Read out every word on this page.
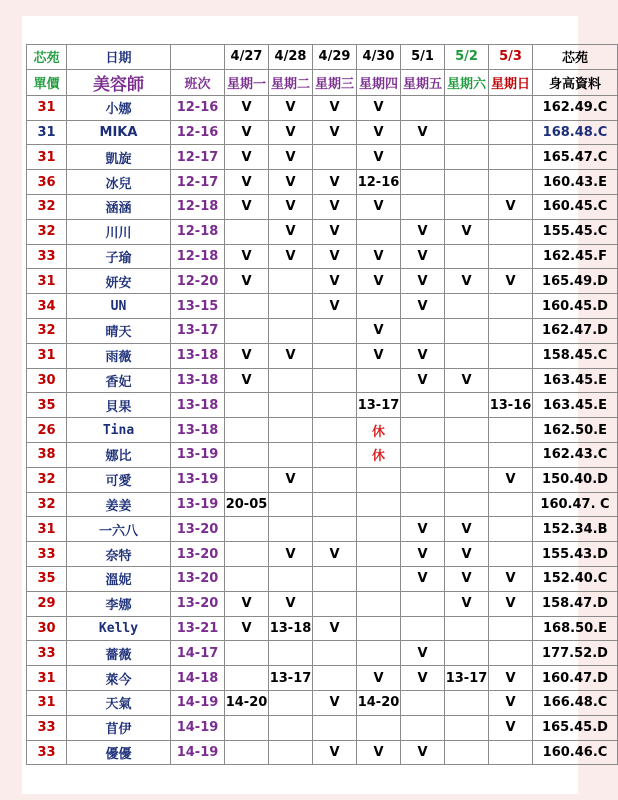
芯苑	日期		4/27	4/28	4/29	4/30	5/1	5/2	5/3	芯苑
單價	美容師	班次	星期一	星期二	星期三	星期四	星期五	星期六	星期日	身高資料
31	小娜	12-16	V	V	V	V				162.49.C
31	MIKA	12-16	V	V	V	V	V			168.48.C
31	凱旋	12-17	V	V		V				165.47.C
36	冰兒	12-17	V	V	V	12-16				160.43.E
32	涵涵	12-18	V	V	V	V			V	160.45.C
32	川川	12-18		V	V		V	V		155.45.C
33	子瑜	12-18	V	V	V	V	V			162.45.F
31	妍安	12-20	V		V	V	V	V	V	165.49.D
34	UN	13-15			V		V			160.45.D
32	晴天	13-17				V				162.47.D
31	雨薇	13-18	V	V		V	V			158.45.C
30	香妃	13-18	V				V	V		163.45.E
35	貝果	13-18				13-17			13-16	163.45.E
26	Tina	13-18				休				162.50.E
38	娜比	13-19				休				162.43.C
32	可愛	13-19		V					V	150.40.D
32	姜姜	13-19	20-05							160.47. C
31	一六八	13-20					V	V		152.34.B
33	奈特	13-20		V	V		V	V		155.43.D
35	溫妮	13-20					V	V	V	152.40.C
29	李娜	13-20	V	V				V	V	158.47.D
30	Kelly	13-21	V	13-18	V					168.50.E
33	薔薇	14-17					V			177.52.D
31	萊今	14-18		13-17		V	V	13-17	V	160.47.D
31	天氣	14-19	14-20		V	14-20			V	166.48.C
33	苜伊	14-19							V	165.45.D
33	優優	14-19			V	V	V			160.46.C
